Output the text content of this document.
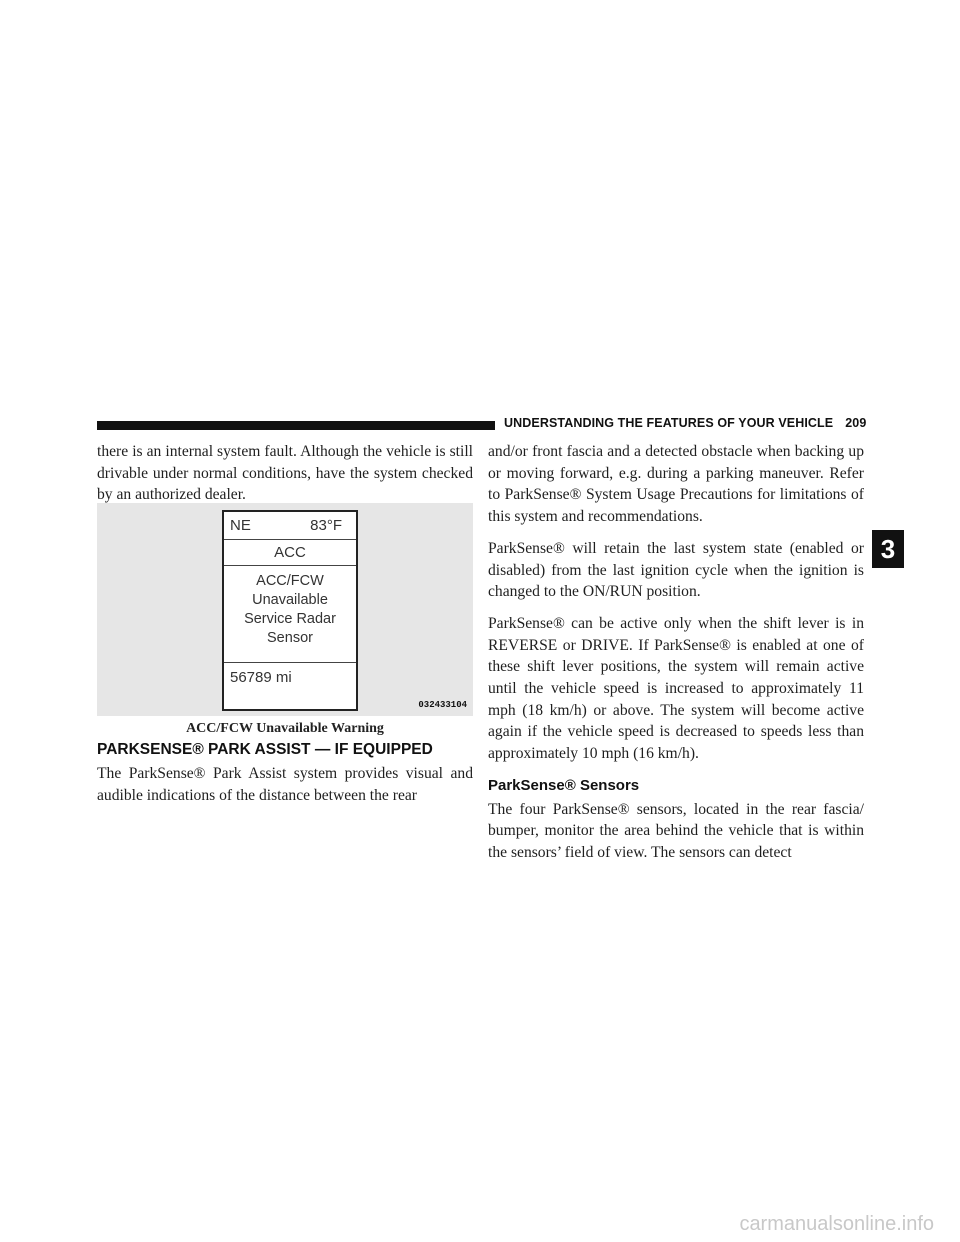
UNDERSTANDING THE FEATURES OF YOUR VEHICLE 209

there is an internal system fault. Although the vehicle is still drivable under normal conditions, have the system checked by an authorized dealer.

NE	83°F
ACC
ACC/FCW
Unavailable
Service Radar
Sensor
56789 mi
032433104
ACC/FCW Unavailable Warning
PARKSENSE® PARK ASSIST — IF EQUIPPED

The ParkSense® Park Assist system provides visual and audible indications of the distance between the rear

and/or front fascia and a detected obstacle when backing up or moving forward, e.g. during a parking maneuver. Refer to ParkSense® System Usage Precautions for limitations of this system and recommendations.

ParkSense® will retain the last system state (enabled or disabled) from the last ignition cycle when the ignition is changed to the ON/RUN position.

ParkSense® can be active only when the shift lever is in REVERSE or DRIVE. If ParkSense® is enabled at one of these shift lever positions, the system will remain active until the vehicle speed is increased to approximately 11 mph (18 km/h) or above. The system will become active again if the vehicle speed is decreased to speeds less than approximately 10 mph (16 km/h).

ParkSense® Sensors

The four ParkSense® sensors, located in the rear fascia/ bumper, monitor the area behind the vehicle that is within the sensors’ field of view. The sensors can detect

3
carmanualsonline.info
